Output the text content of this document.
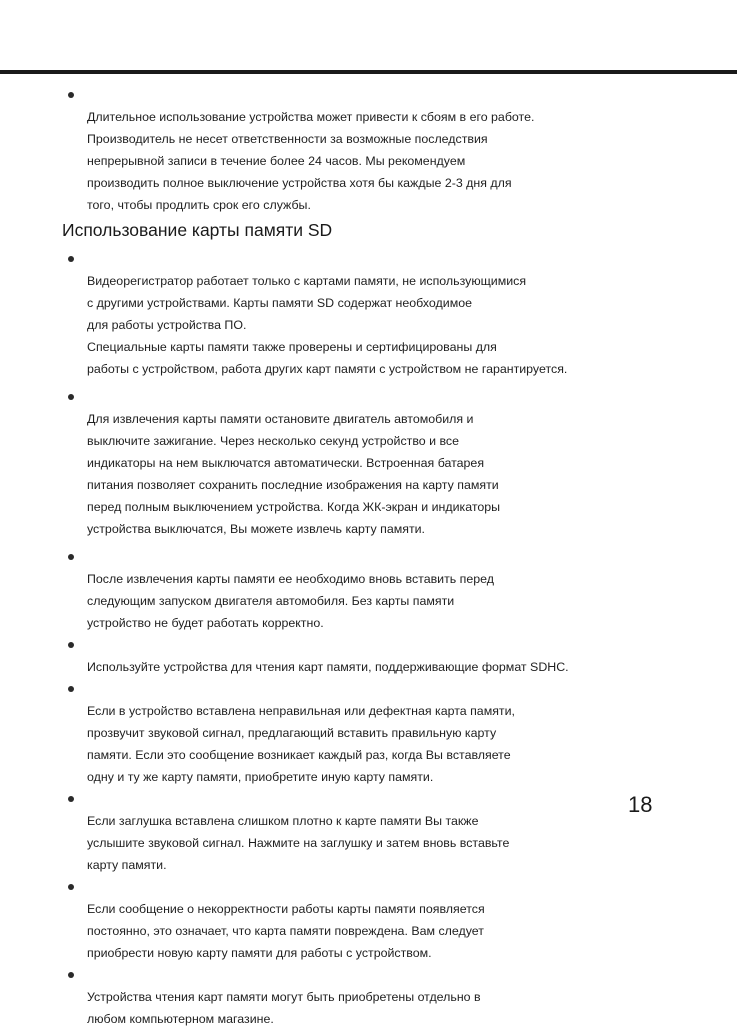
Длительное использование устройства может привести к сбоям в его работе.
Производитель не несет ответственности за возможные последствия
непрерывной записи в течение более 24 часов. Мы рекомендуем
производить полное выключение устройства хотя бы каждые 2-3 дня для
того, чтобы продлить срок его службы.

Использование карты памяти SD

Видеорегистратор работает только с картами памяти, не использующимися
с другими устройствами. Карты памяти SD содержат необходимое
для работы устройства ПО.
Специальные карты памяти также проверены и сертифицированы для
работы с устройством, работа других карт памяти с устройством не гарантируется.

Для извлечения карты памяти остановите двигатель автомобиля и
выключите зажигание. Через несколько секунд устройство и все
индикаторы на нем выключатся автоматически. Встроенная батарея
питания позволяет сохранить последние изображения на карту памяти
перед полным выключением устройства. Когда ЖК-экран и индикаторы
устройства выключатся, Вы можете извлечь карту памяти.

После извлечения карты памяти ее необходимо вновь вставить перед
следующим запуском двигателя автомобиля. Без карты памяти
устройство не будет работать корректно.

Используйте устройства для чтения карт памяти, поддерживающие формат SDHC.

Если в устройство вставлена неправильная или дефектная карта памяти,
прозвучит звуковой сигнал, предлагающий вставить правильную карту
памяти. Если это сообщение возникает каждый раз, когда Вы вставляете
одну и ту же карту памяти, приобретите иную карту памяти.

Если заглушка вставлена слишком плотно к карте памяти Вы также
услышите звуковой сигнал. Нажмите на заглушку и затем вновь вставьте
карту памяти.

Если сообщение о некорректности работы карты памяти появляется
постоянно, это означает, что карта памяти повреждена. Вам следует
приобрести новую карту памяти для работы с устройством.

Устройства чтения карт памяти могут быть приобретены отдельно в
любом компьютерном магазине.

18
